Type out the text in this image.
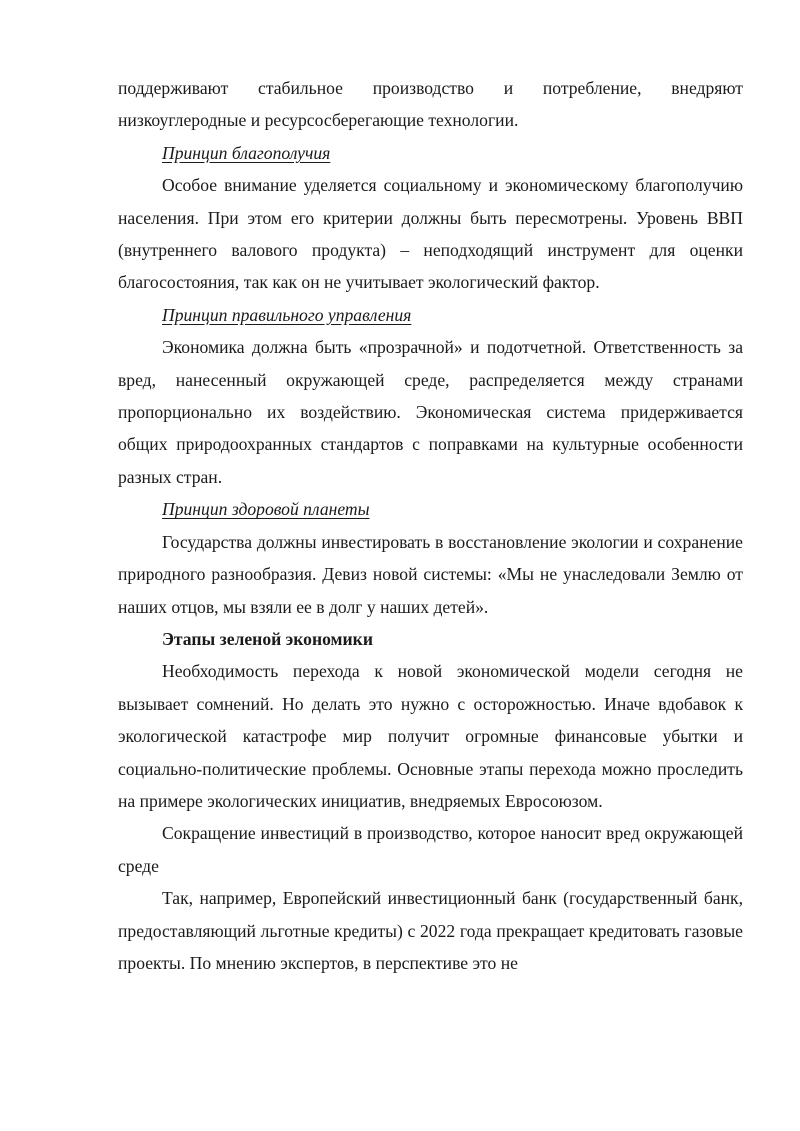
поддерживают стабильное производство и потребление, внедряют низкоуглеродные и ресурсосберегающие технологии.

Принцип благополучия

Особое внимание уделяется социальному и экономическому благополучию населения. При этом его критерии должны быть пересмотрены. Уровень ВВП (внутреннего валового продукта) – неподходящий инструмент для оценки благосостояния, так как он не учитывает экологический фактор.

Принцип правильного управления

Экономика должна быть «прозрачной» и подотчетной. Ответственность за вред, нанесенный окружающей среде, распределяется между странами пропорционально их воздействию. Экономическая система придерживается общих природоохранных стандартов с поправками на культурные особенности разных стран.

Принцип здоровой планеты

Государства должны инвестировать в восстановление экологии и сохранение природного разнообразия. Девиз новой системы: «Мы не унаследовали Землю от наших отцов, мы взяли ее в долг у наших детей».

Этапы зеленой экономики

Необходимость перехода к новой экономической модели сегодня не вызывает сомнений. Но делать это нужно с осторожностью. Иначе вдобавок к экологической катастрофе мир получит огромные финансовые убытки и социально-политические проблемы. Основные этапы перехода можно проследить на примере экологических инициатив, внедряемых Евросоюзом.

Сокращение инвестиций в производство, которое наносит вред окружающей среде

Так, например, Европейский инвестиционный банк (государственный банк, предоставляющий льготные кредиты) с 2022 года прекращает кредитовать газовые проекты. По мнению экспертов, в перспективе это не
